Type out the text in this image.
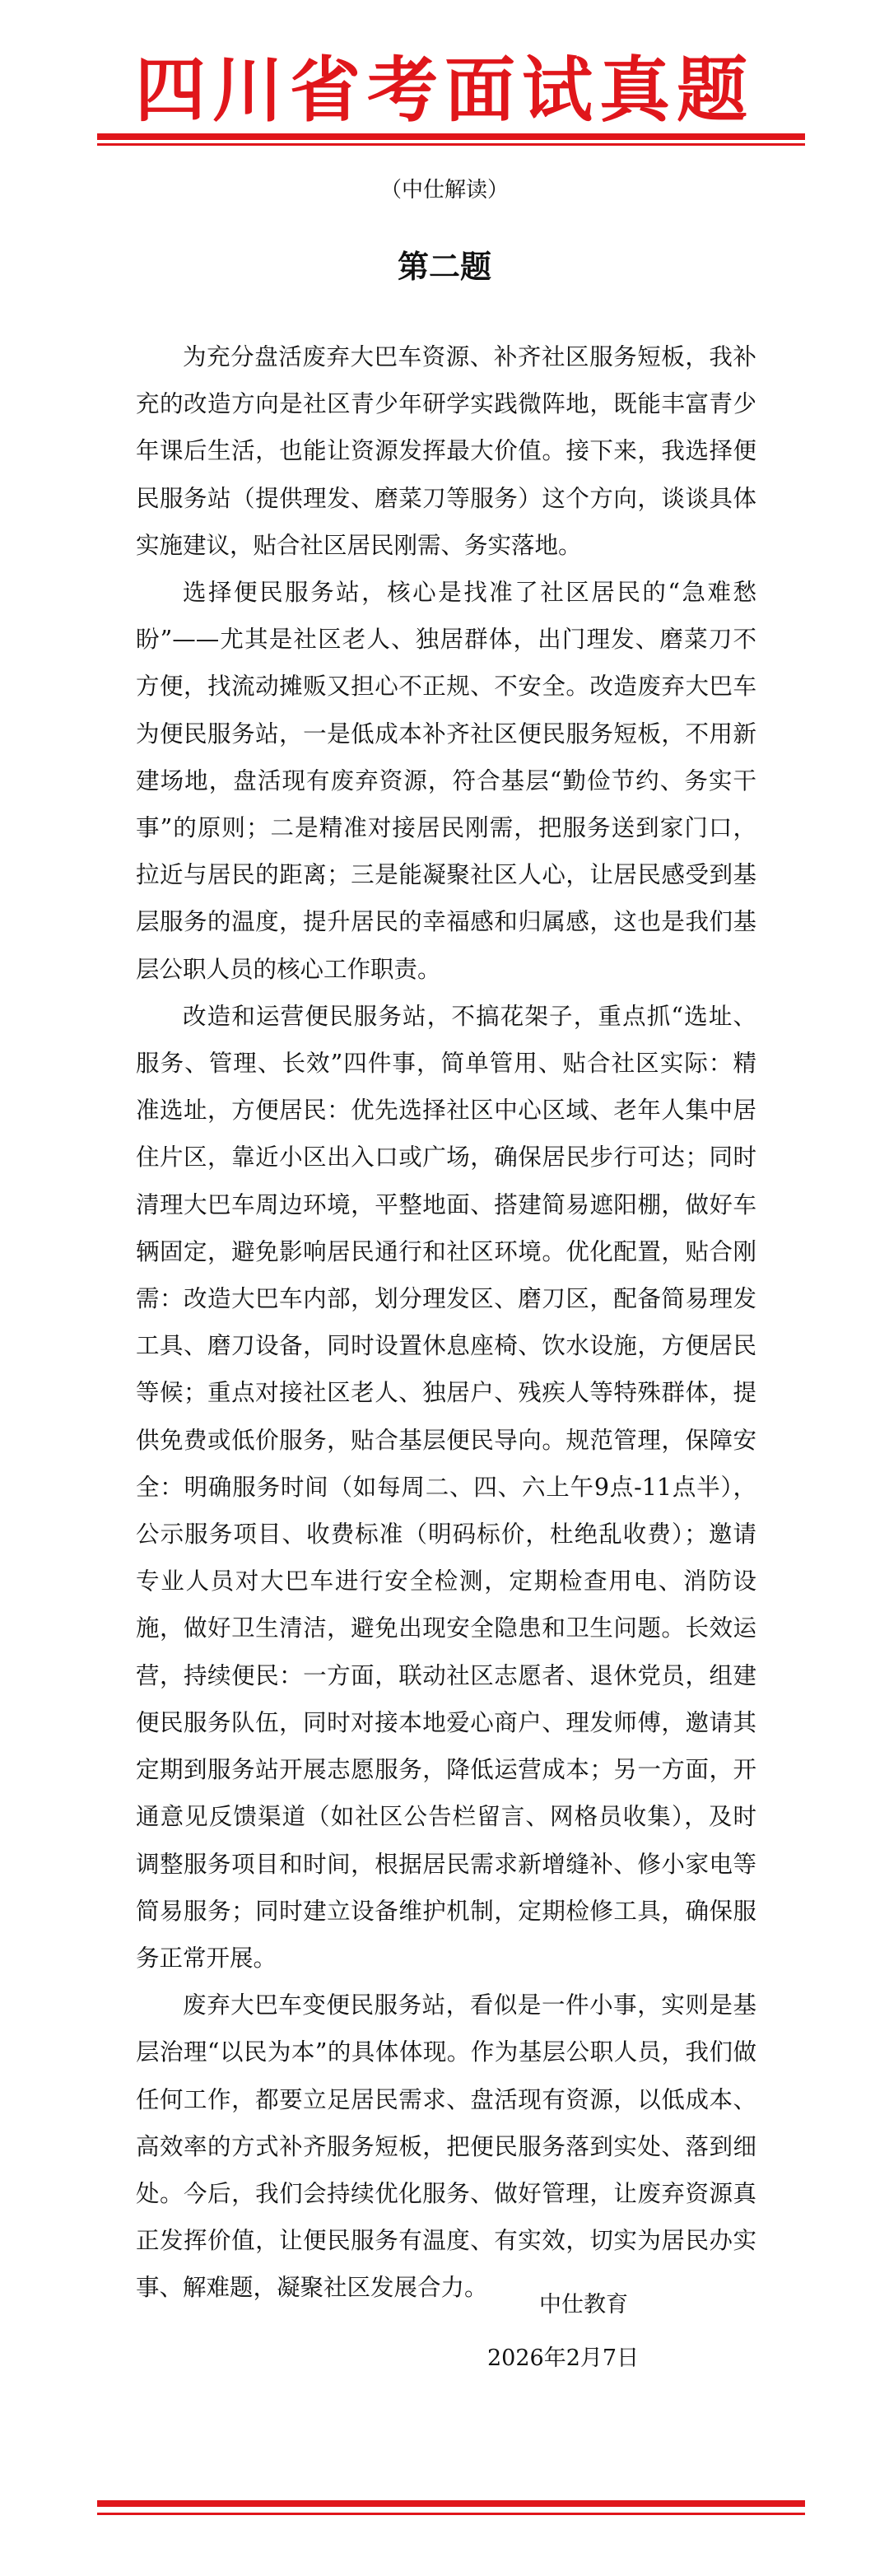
四川省考面试真题
（中仕解读）
第二题

为充分盘活废弃大巴车资源、补齐社区服务短板，我补充的改造方向是社区青少年研学实践微阵地，既能丰富青少年课后生活，也能让资源发挥最大价值。接下来，我选择便民服务站（提供理发、磨菜刀等服务）这个方向，谈谈具体实施建议，贴合社区居民刚需、务实落地。

选择便民服务站，核心是找准了社区居民的“急难愁盼”——尤其是社区老人、独居群体，出门理发、磨菜刀不方便，找流动摊贩又担心不正规、不安全。改造废弃大巴车为便民服务站，一是低成本补齐社区便民服务短板，不用新建场地，盘活现有废弃资源，符合基层“勤俭节约、务实干事”的原则；二是精准对接居民刚需，把服务送到家门口，拉近与居民的距离；三是能凝聚社区人心，让居民感受到基层服务的温度，提升居民的幸福感和归属感，这也是我们基层公职人员的核心工作职责。

改造和运营便民服务站，不搞花架子，重点抓“选址、服务、管理、长效”四件事，简单管用、贴合社区实际：精准选址，方便居民：优先选择社区中心区域、老年人集中居住片区，靠近小区出入口或广场，确保居民步行可达；同时清理大巴车周边环境，平整地面、搭建简易遮阳棚，做好车辆固定，避免影响居民通行和社区环境。优化配置，贴合刚需：改造大巴车内部，划分理发区、磨刀区，配备简易理发工具、磨刀设备，同时设置休息座椅、饮水设施，方便居民等候；重点对接社区老人、独居户、残疾人等特殊群体，提供免费或低价服务，贴合基层便民导向。规范管理，保障安全：明确服务时间（如每周二、四、六上午9点-11点半），公示服务项目、收费标准（明码标价，杜绝乱收费）；邀请专业人员对大巴车进行安全检测，定期检查用电、消防设施，做好卫生清洁，避免出现安全隐患和卫生问题。长效运营，持续便民：一方面，联动社区志愿者、退休党员，组建便民服务队伍，同时对接本地爱心商户、理发师傅，邀请其定期到服务站开展志愿服务，降低运营成本；另一方面，开通意见反馈渠道（如社区公告栏留言、网格员收集），及时调整服务项目和时间，根据居民需求新增缝补、修小家电等简易服务；同时建立设备维护机制，定期检修工具，确保服务正常开展。

废弃大巴车变便民服务站，看似是一件小事，实则是基层治理“以民为本”的具体体现。作为基层公职人员，我们做任何工作，都要立足居民需求、盘活现有资源，以低成本、高效率的方式补齐服务短板，把便民服务落到实处、落到细处。今后，我们会持续优化服务、做好管理，让废弃资源真正发挥价值，让便民服务有温度、有实效，切实为居民办实事、解难题，凝聚社区发展合力。

中仕教育
2026年2月7日
